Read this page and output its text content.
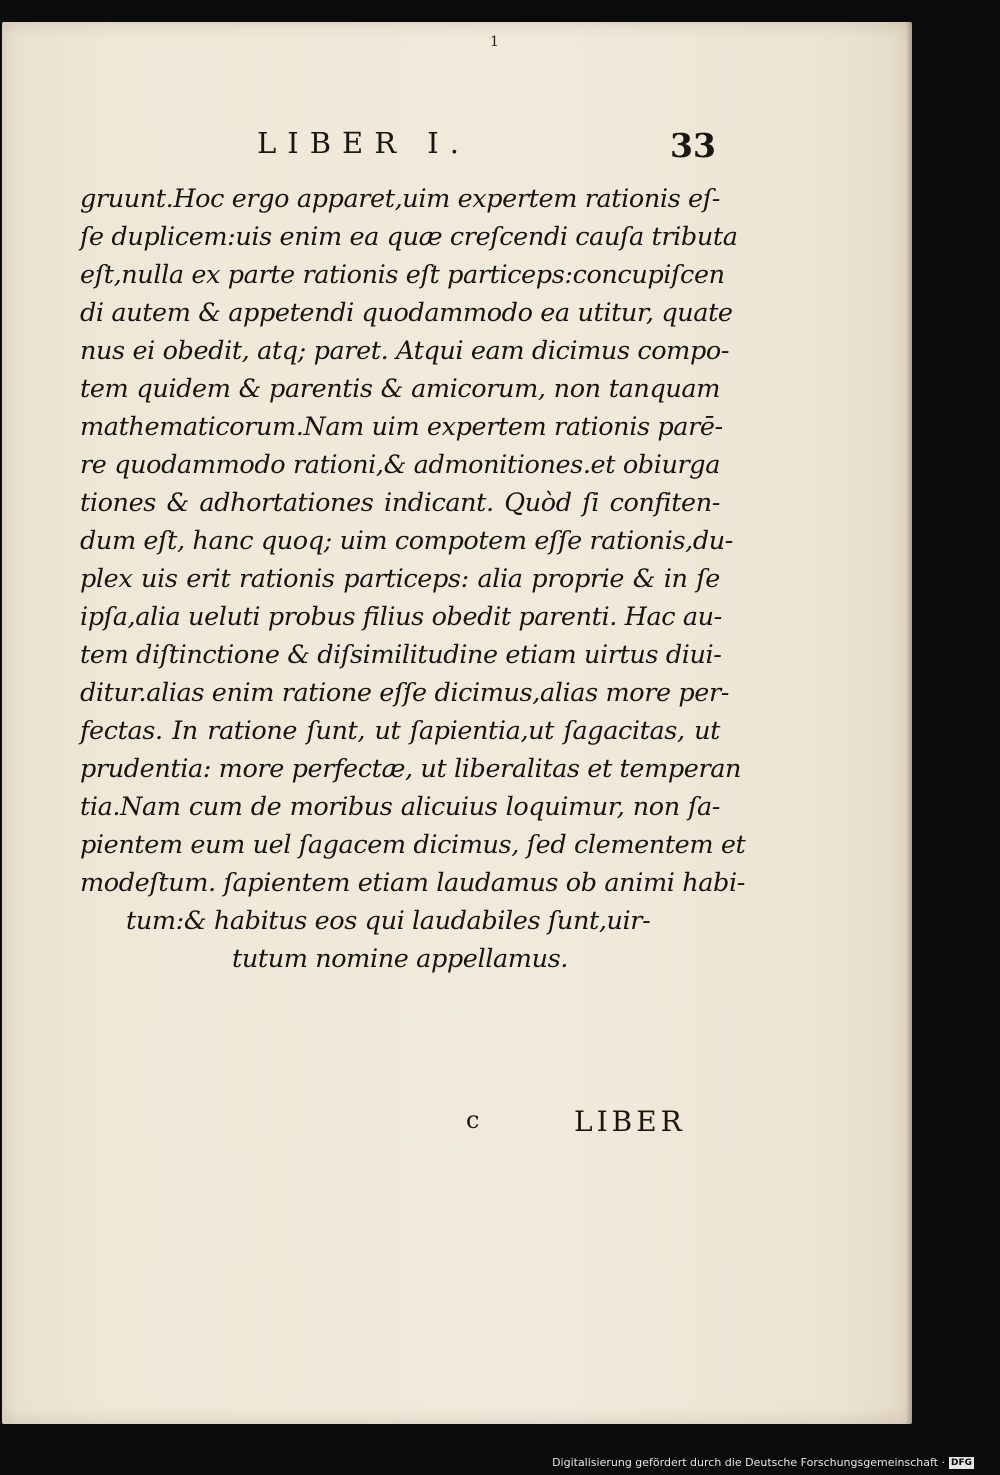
1
LIBER I.	33
gruunt.Hoc ergo apparet,uim expertem rationis eſ-
ſe duplicem:uis enim ea quæ creſcendi cauſa tributa
eſt,nulla ex parte rationis eſt particeps:concupiſcen
di autem & appetendi quodammodo ea utitur, quate
nus ei obedit, atq; paret. Atqui eam dicimus compo-
tem quidem & parentis & amicorum, non tanquam
mathematicorum.Nam uim expertem rationis parē-
re quodammodo rationi,& admonitiones.et obiurga
tiones & adhortationes indicant. Quòd ſi confiten-
dum eſt, hanc quoq; uim compotem eſſe rationis,du-
plex uis erit rationis particeps: alia proprie & in ſe
ipſa,alia ueluti probus filius obedit parenti. Hac au-
tem diſtinctione & diſsimilitudine etiam uirtus diui-
ditur.alias enim ratione eſſe dicimus,alias more per-
fectas. In ratione ſunt, ut ſapientia,ut ſagacitas, ut
prudentia: more perfectæ, ut liberalitas et temperan
tia.Nam cum de moribus alicuius loquimur, non ſa-
pientem eum uel ſagacem dicimus, ſed clementem et
modeſtum. ſapientem etiam laudamus ob animi habi-
tum:& habitus eos qui laudabiles ſunt,uir-
tutum nomine appellamus.
c	LIBER
Digitalisierung gefördert durch die Deutsche Forschungsgemeinschaft · DFG
